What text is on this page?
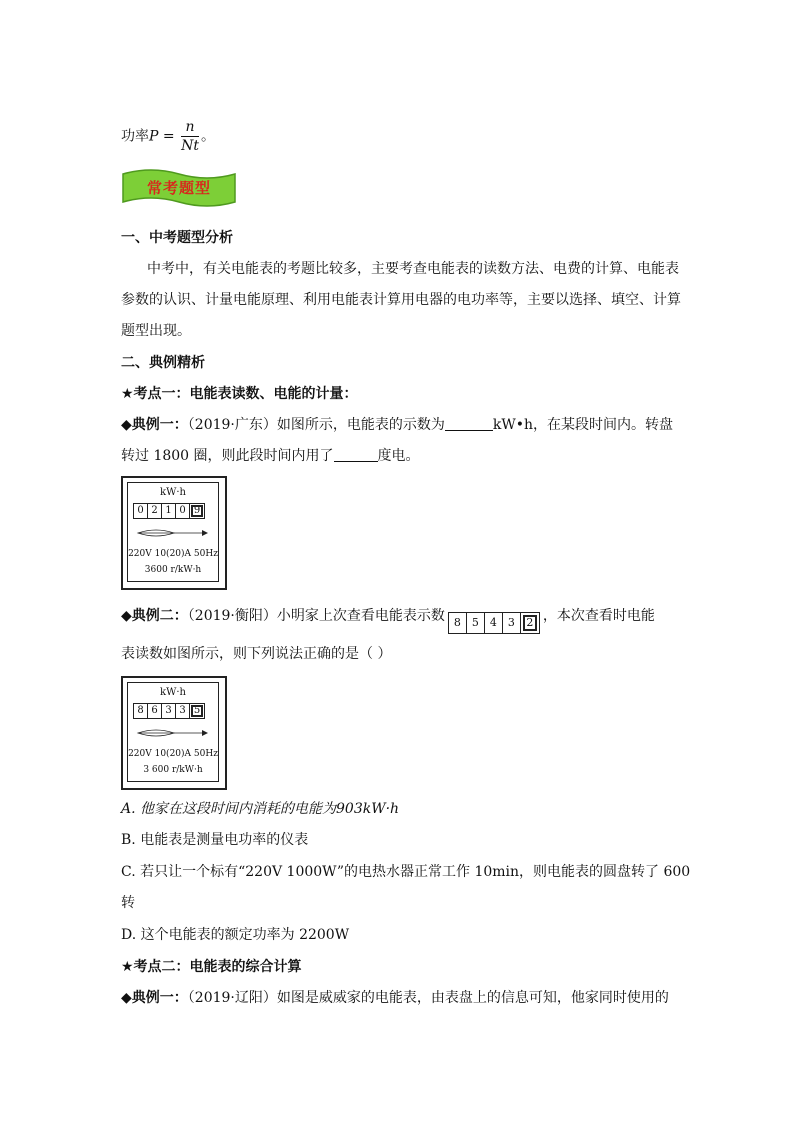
功率$P = \frac{n}{Nt}$ 。
常考题型
一、中考题型分析
中考中，有关电能表的考题比较多，主要考查电能表的读数方法、电费的计算、电能表
参数的认识、计量电能原理、利用电能表计算用电器的电功率等，主要以选择、填空、计算
题型出现。
二、典例精析
★考点一：电能表读数、电能的计量：
◆典例一：（2019·广东）如图所示，电能表的示数为	kW•h，在某段时间内。转盘
转过 1800 圈，则此段时间内用了	度电。
kW·h
0 2 1 0 9
220V 10(20)A 50Hz
3600 r/kW·h
◆典例二：（2019·衡阳）小明家上次查看电能表示数 8	5	4	3	2 ，本次查看时电能
表读数如图所示，则下列说法正确的是（ ）
kW·h
8 6 3 3 5
220V 10(20)A 50Hz
3 600 r/kW·h
A. 他家在这段时间内消耗的电能为903kW·h
B. 电能表是测量电功率的仪表
C. 若只让一个标有“220V 1000W”的电热水器正常工作 10min，则电能表的圆盘转了 600
转
D. 这个电能表的额定功率为 2200W
★考点二：电能表的综合计算
◆典例一：（2019·辽阳）如图是威威家的电能表，由表盘上的信息可知，他家同时使用的
